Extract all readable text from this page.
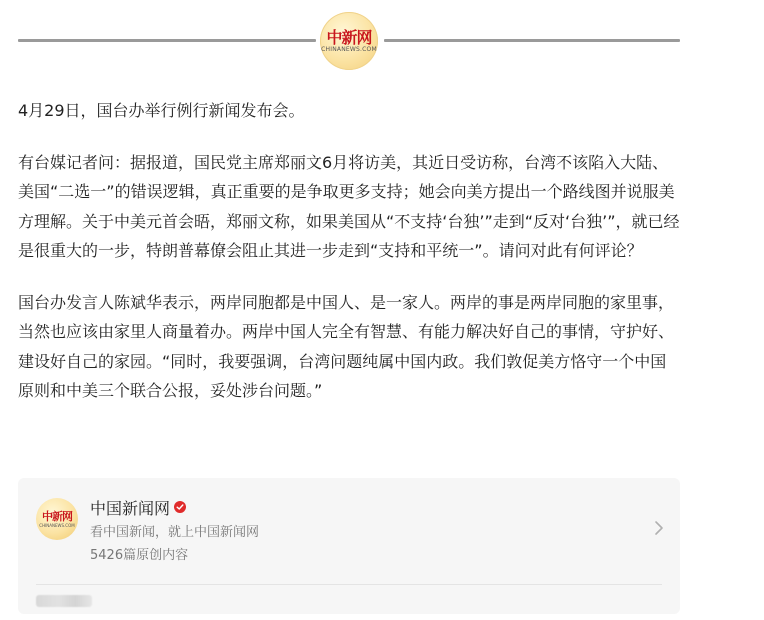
中新网
CHINANEWS.COM

4月29日，国台办举行例行新闻发布会。

有台媒记者问：据报道，国民党主席郑丽文6月将访美，其近日受访称，台湾不该陷入大陆、美国“二选一”的错误逻辑，真正重要的是争取更多支持；她会向美方提出一个路线图并说服美方理解。关于中美元首会晤，郑丽文称，如果美国从“不支持‘台独’”走到“反对‘台独’”，就已经是很重大的一步，特朗普幕僚会阻止其进一步走到“支持和平统一”。请问对此有何评论？

国台办发言人陈斌华表示，两岸同胞都是中国人、是一家人。两岸的事是两岸同胞的家里事，当然也应该由家里人商量着办。两岸中国人完全有智慧、有能力解决好自己的事情，守护好、建设好自己的家园。“同时，我要强调，台湾问题纯属中国内政。我们敦促美方恪守一个中国原则和中美三个联合公报，妥处涉台问题。”

中新网
CHINANEWS.COM
中国新闻网
看中国新闻，就上中国新闻网
5426篇原创内容
